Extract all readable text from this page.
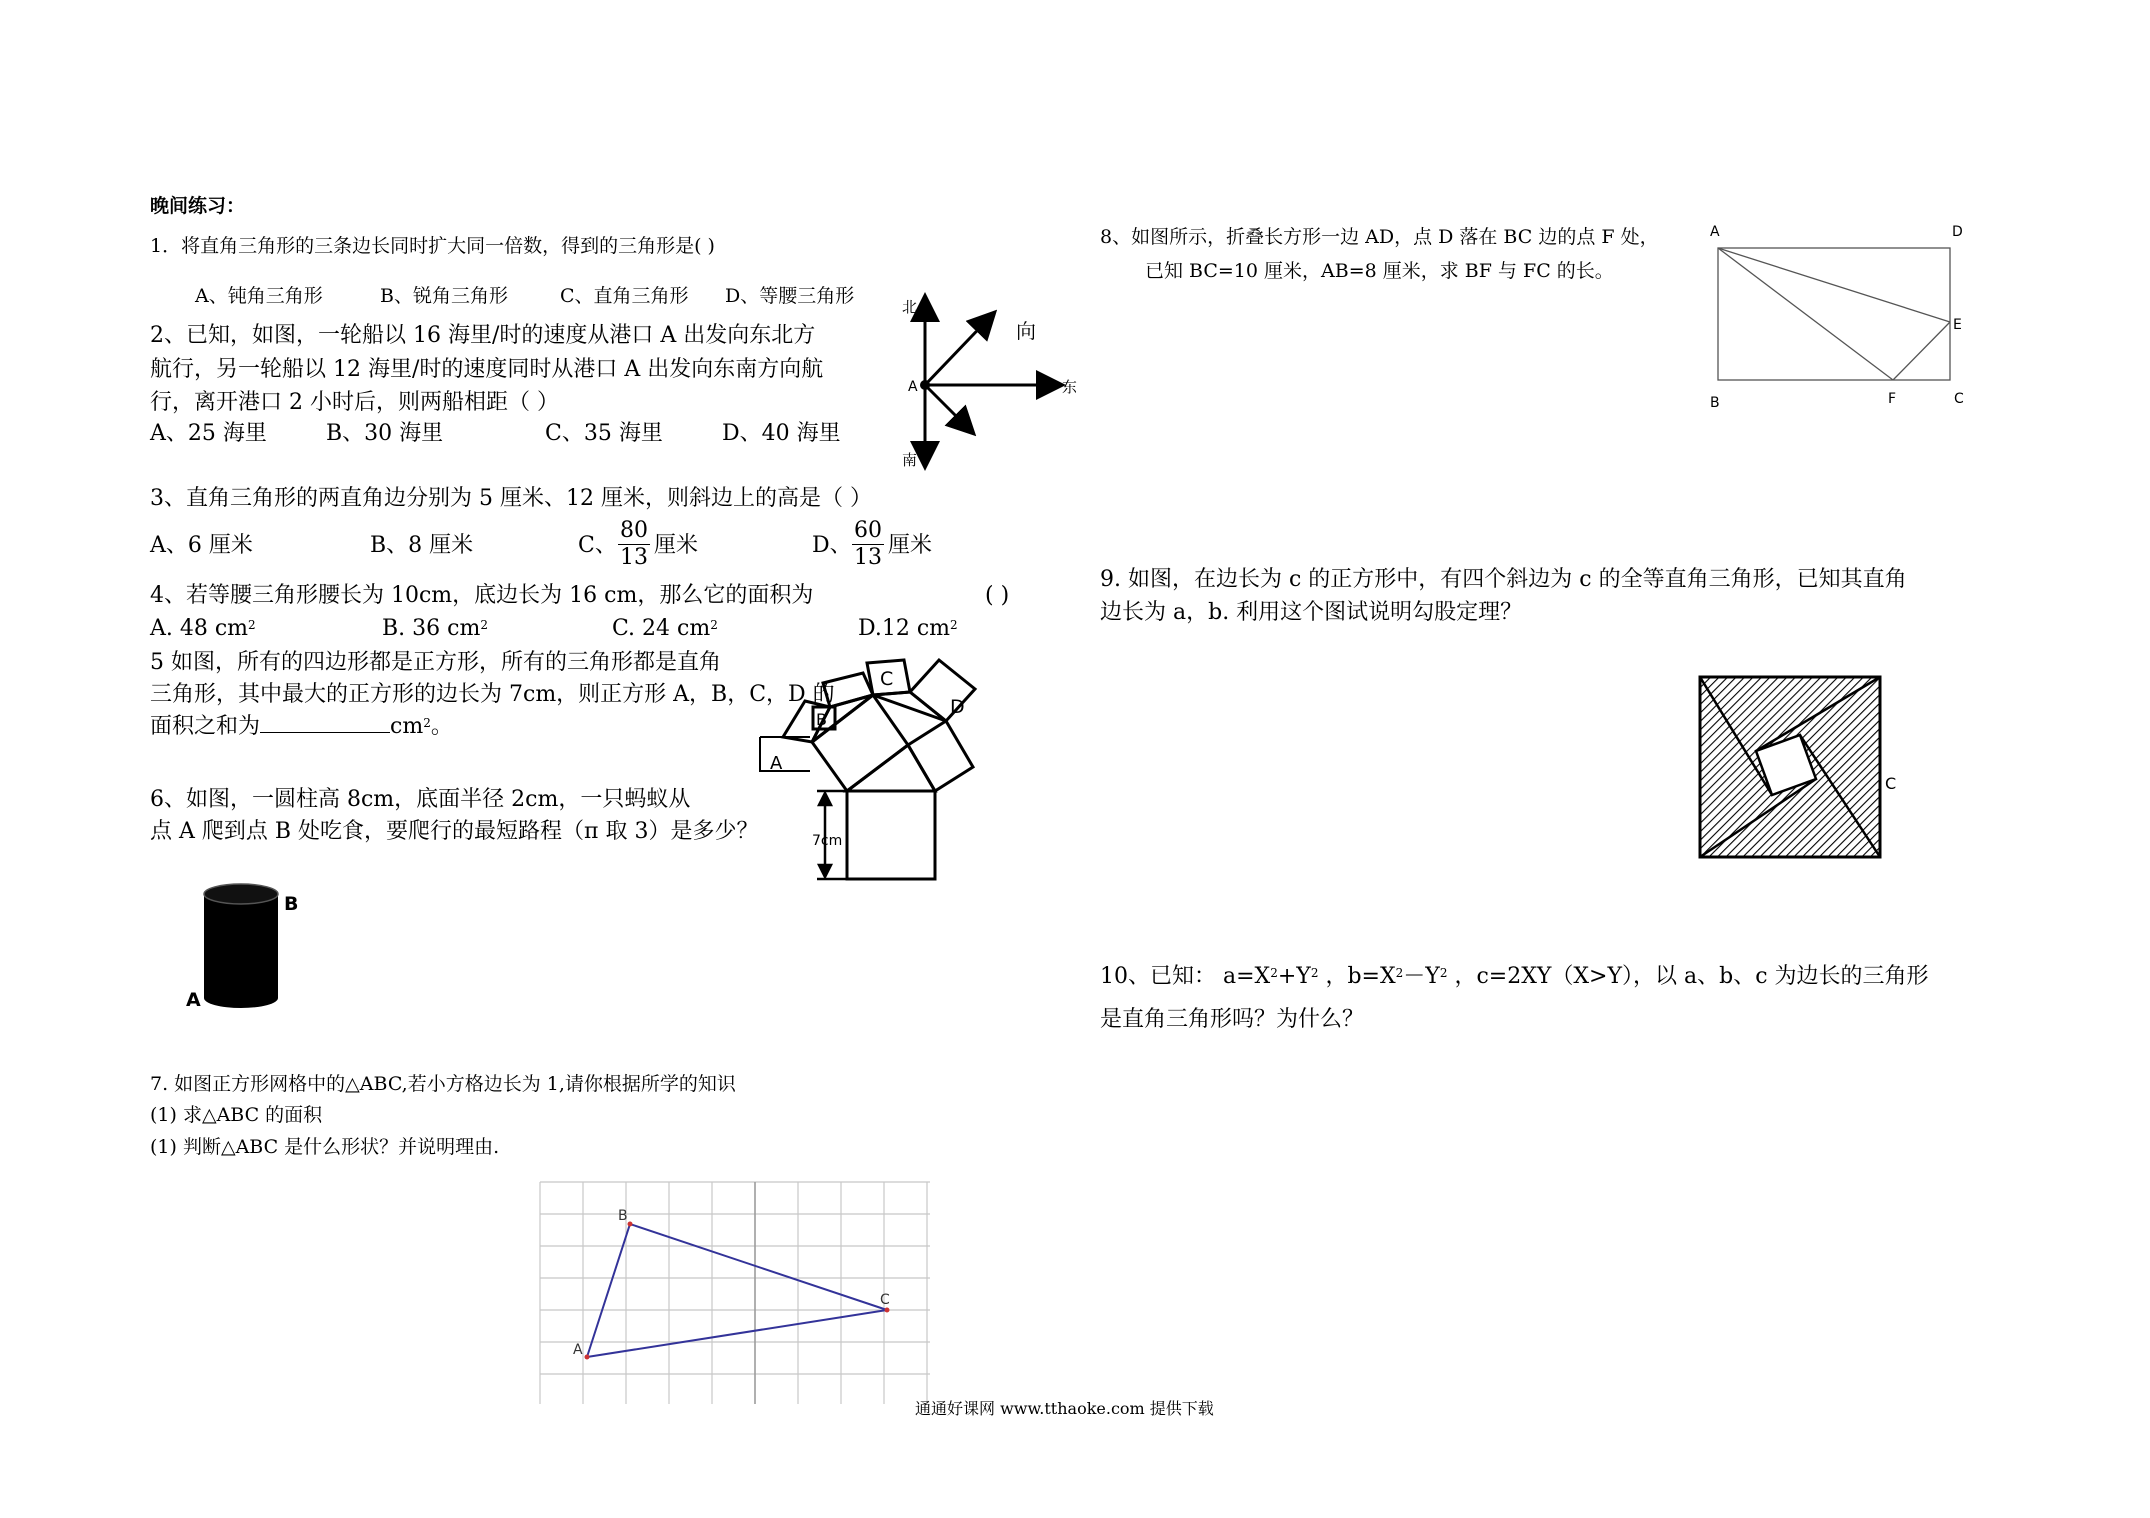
晚间练习：
1．将直角三角形的三条边长同时扩大同一倍数，得到的三角形是( )
A、钝角三角形	B、锐角三角形	C、直角三角形 D、等腰三角形
2、已知，如图，一轮船以 16 海里/时的速度从港口 A 出发向东北方
航行，另一轮船以 12 海里/时的速度同时从港口 A 出发向东南方向航
行，离开港口 2 小时后，则两船相距（ ）
A、25 海里	B、30 海里	C、35 海里	D、40 海里
北
南
东
A
向
3、直角三角形的两直角边分别为 5 厘米、12 厘米，则斜边上的高是（ ）
A、6 厘米	B、8 厘米	C、 $\frac{80}{13}$ 厘米	D、 $\frac{60}{13}$ 厘米
4、若等腰三角形腰长为 10cm，底边长为 16 cm，那么它的面积为	( )
A. 48 $cm^2$	B. 36 $cm^2$	C. 24 $cm^2$	D.12 $cm^2$
5 如图，所有的四边形都是正方形，所有的三角形都是直角
三角形，其中最大的正方形的边长为 7cm，则正方形 A，B，C，D 的
面积之和为	$cm^2$。
A
B
C
D
7cm
6、如图，一圆柱高 8cm，底面半径 2cm，一只蚂蚁从
点 A 爬到点 B 处吃食，要爬行的最短路程（π 取 3）是多少？
B
A
7. 如图正方形网格中的△ABC,若小方格边长为 1,请你根据所学的知识
(1) 求△ABC 的面积
(1) 判断△ABC 是什么形状？并说明理由.
A
B
C
8、如图所示，折叠长方形一边 AD，点 D 落在 BC 边的点 F 处，
已知 BC=10 厘米，AB=8 厘米，求 BF 与 FC 的长。
A	D
E
B	F	C
9. 如图，在边长为 c 的正方形中，有四个斜边为 c 的全等直角三角形，已知其直角
边长为 a，b. 利用这个图试说明勾股定理？
C
10、已知： $a=X^2+Y^2$ ，$b=X^2-Y^2$ ，c=2XY（X>Y），以 a、b、c 为边长的三角形
是直角三角形吗？为什么？
通通好课网 www.tthaoke.com 提供下载
